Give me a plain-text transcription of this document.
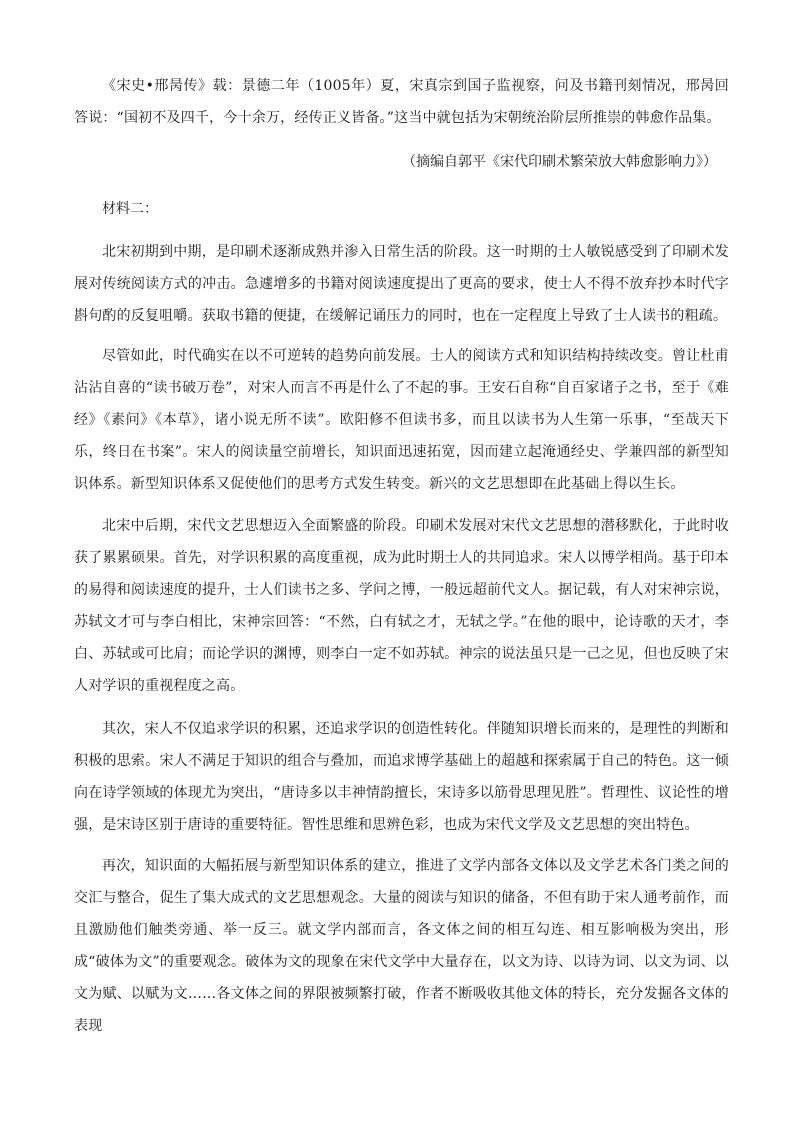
《宋史•邢昺传》载：景德二年（1005年）夏，宋真宗到国子监视察，问及书籍刊刻情况，邢昺回答说：“国初不及四千，今十余万，经传正义皆备。”这当中就包括为宋朝统治阶层所推崇的韩愈作品集。

（摘编自郭平《宋代印刷术繁荣放大韩愈影响力》）

材料二：

北宋初期到中期，是印刷术逐渐成熟并渗入日常生活的阶段。这一时期的士人敏锐感受到了印刷术发展对传统阅读方式的冲击。急遽增多的书籍对阅读速度提出了更高的要求，使士人不得不放弃抄本时代字斟句酌的反复咀嚼。获取书籍的便捷，在缓解记诵压力的同时，也在一定程度上导致了士人读书的粗疏。

尽管如此，时代确实在以不可逆转的趋势向前发展。士人的阅读方式和知识结构持续改变。曾让杜甫沾沾自喜的“读书破万卷”，对宋人而言不再是什么了不起的事。王安石自称“自百家诸子之书，至于《难经》《素问》《本草》，诸小说无所不读”。欧阳修不但读书多，而且以读书为人生第一乐事，“至哉天下乐，终日在书案”。宋人的阅读量空前增长，知识面迅速拓宽，因而建立起淹通经史、学兼四部的新型知识体系。新型知识体系又促使他们的思考方式发生转变。新兴的文艺思想即在此基础上得以生长。

北宋中后期，宋代文艺思想迈入全面繁盛的阶段。印刷术发展对宋代文艺思想的潜移默化，于此时收获了累累硕果。首先，对学识积累的高度重视，成为此时期士人的共同追求。宋人以博学相尚。基于印本的易得和阅读速度的提升，士人们读书之多、学问之博，一般远超前代文人。据记载，有人对宋神宗说，苏轼文才可与李白相比，宋神宗回答：“不然，白有轼之才，无轼之学。”在他的眼中，论诗歌的天才，李白、苏轼或可比肩；而论学识的渊博，则李白一定不如苏轼。神宗的说法虽只是一己之见，但也反映了宋人对学识的重视程度之高。

其次，宋人不仅追求学识的积累，还追求学识的创造性转化。伴随知识增长而来的，是理性的判断和积极的思索。宋人不满足于知识的组合与叠加，而追求博学基础上的超越和探索属于自己的特色。这一倾向在诗学领域的体现尤为突出，“唐诗多以丰神情韵擅长，宋诗多以筋骨思理见胜”。哲理性、议论性的增强，是宋诗区别于唐诗的重要特征。智性思维和思辨色彩，也成为宋代文学及文艺思想的突出特色。

再次，知识面的大幅拓展与新型知识体系的建立，推进了文学内部各文体以及文学艺术各门类之间的交汇与整合，促生了集大成式的文艺思想观念。大量的阅读与知识的储备，不但有助于宋人通考前作，而且激励他们触类旁通、举一反三。就文学内部而言，各文体之间的相互勾连、相互影响极为突出，形成“破体为文”的重要观念。破体为文的现象在宋代文学中大量存在，以文为诗、以诗为词、以文为词、以文为赋、以赋为文……各文体之间的界限被频繁打破，作者不断吸收其他文体的特长，充分发掘各文体的表现
